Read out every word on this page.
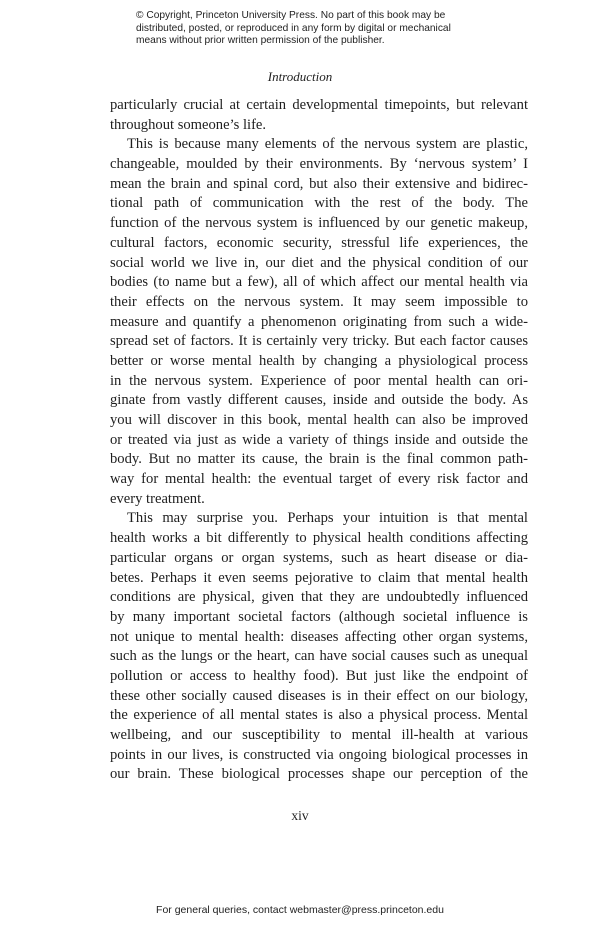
© Copyright, Princeton University Press. No part of this book may be
distributed, posted, or reproduced in any form by digital or mechanical
means without prior written permission of the publisher.
Introduction
particularly crucial at certain developmental timepoints, but relevant
throughout someone’s life.
This is because many elements of the nervous system are plastic,
changeable, moulded by their environments. By ‘nervous system’ I
mean the brain and spinal cord, but also their extensive and bidirec-
tional path of communication with the rest of the body. The
function of the nervous system is influenced by our genetic makeup,
cultural factors, economic security, stressful life experiences, the
social world we live in, our diet and the physical condition of our
bodies (to name but a few), all of which affect our mental health via
their effects on the nervous system. It may seem impossible to
measure and quantify a phenomenon originating from such a wide-
spread set of factors. It is certainly very tricky. But each factor causes
better or worse mental health by changing a physiological process
in the nervous system. Experience of poor mental health can ori-
ginate from vastly different causes, inside and outside the body. As
you will discover in this book, mental health can also be improved
or treated via just as wide a variety of things inside and outside the
body. But no matter its cause, the brain is the final common path-
way for mental health: the eventual target of every risk factor and
every treatment.
This may surprise you. Perhaps your intuition is that mental
health works a bit differently to physical health conditions affecting
particular organs or organ systems, such as heart disease or dia-
betes. Perhaps it even seems pejorative to claim that mental health
conditions are physical, given that they are undoubtedly influenced
by many important societal factors (although societal influence is
not unique to mental health: diseases affecting other organ systems,
such as the lungs or the heart, can have social causes such as unequal
pollution or access to healthy food). But just like the endpoint of
these other socially caused diseases is in their effect on our biology,
the experience of all mental states is also a physical process. Mental
wellbeing, and our susceptibility to mental ill-health at various
points in our lives, is constructed via ongoing biological processes in
our brain. These biological processes shape our perception of the
xiv
For general queries, contact webmaster@press.princeton.edu
